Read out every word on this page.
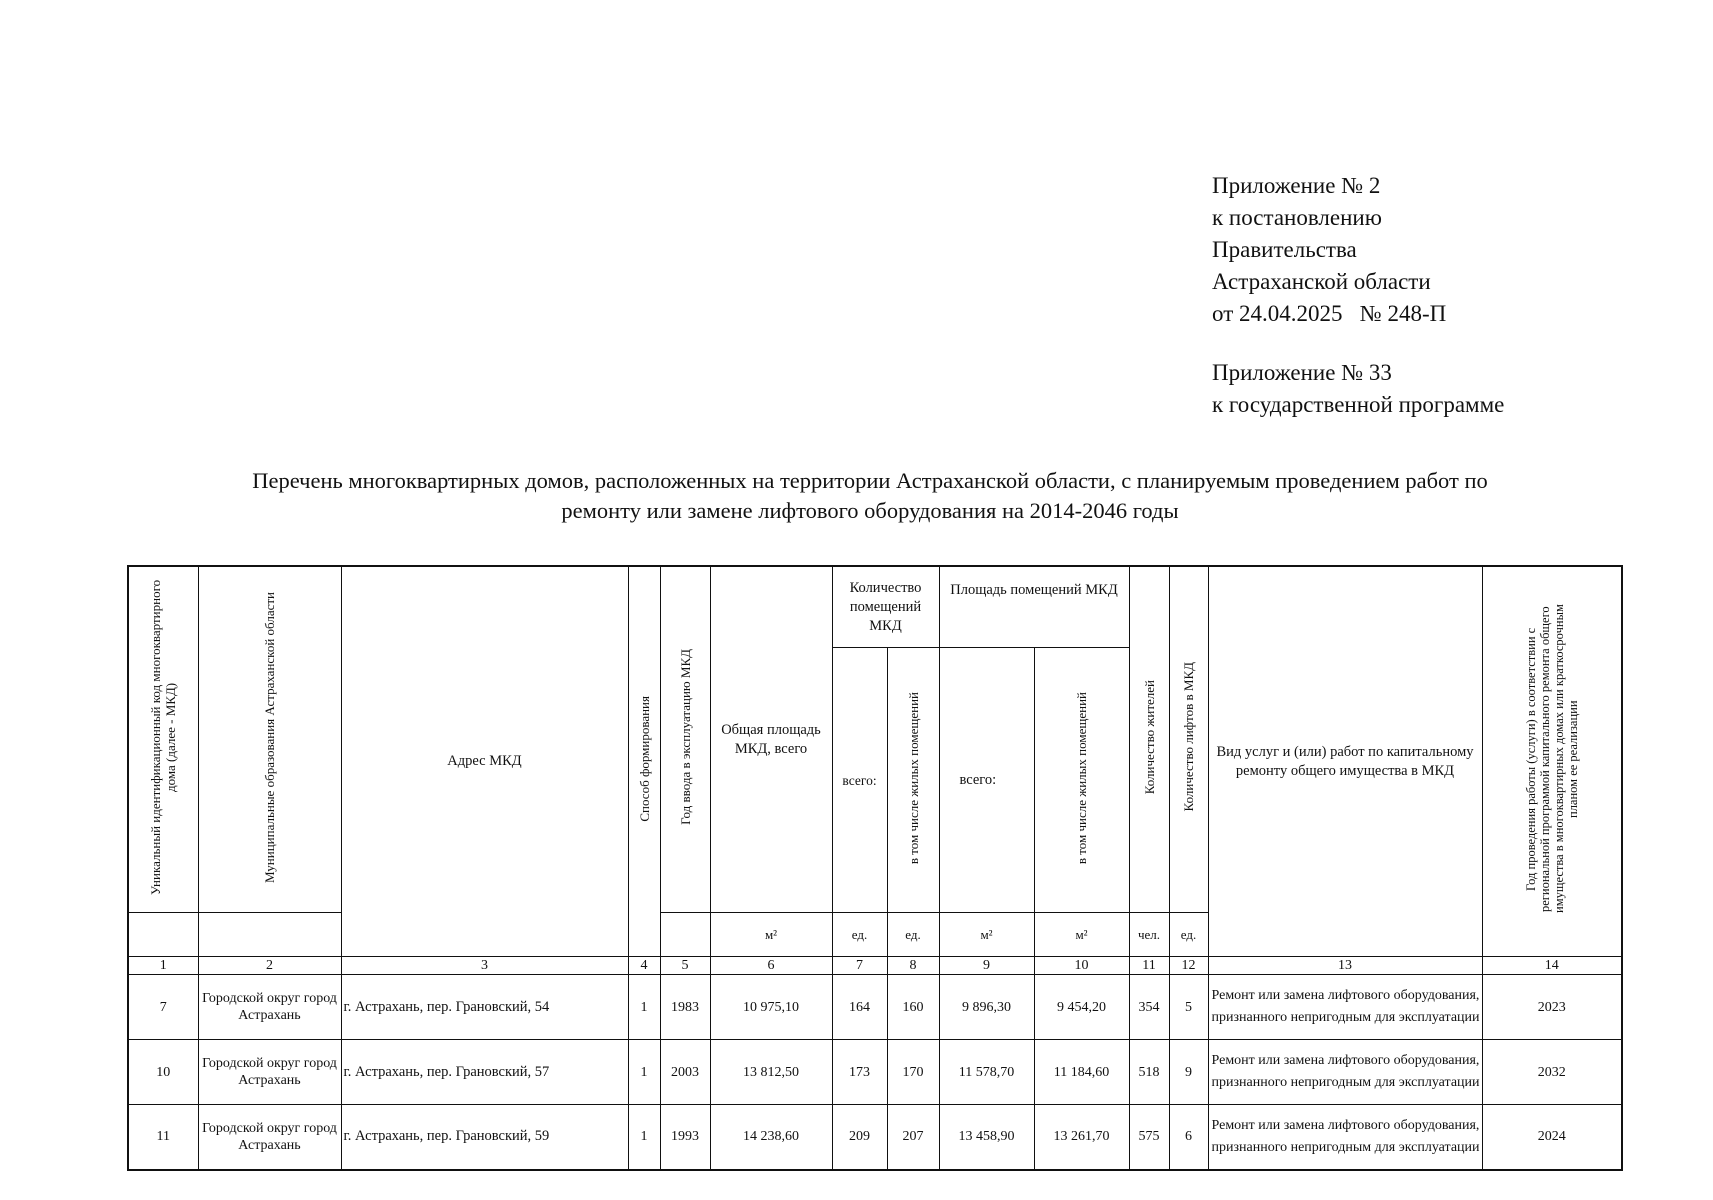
Приложение № 2
к постановлению
Правительства
Астраханской области
от 24.04.2025   № 248-П
Приложение № 33
к государственной программе
Перечень многоквартирных домов, расположенных на территории Астраханской области, с планируемым проведением работ по
ремонту или замене лифтового оборудования на 2014-2046 годы
Уникальный идентификационный код многоквартирного дома (далее - МКД)	Муниципальные образования Астраханской области	Адрес МКД	Способ формирования	Год ввода в эксплуатацию МКД	Общая площадь МКД, всего	Количество помещений МКД		Площадь помещений МКД		Количество жителей	Количество лифтов в МКД	Вид услуг и (или) работ по капитальному ремонту общего имущества в МКД	Год проведения работы (услуги) в соответствии с региональной программой капитального ремонта общего имущества в многоквартирных домах или краткосрочным планом ее реализации
						всего:	в том числе жилых помещений	всего:	в том числе жилых помещений				
					м²	ед.	ед.	м²	м²	чел.	ед.		
1	2	3	4	5	6	7	8	9	10	11	12	13	14
7	Городской округ город Астрахань	г. Астрахань, пер. Грановский, 54	1	1983	10 975,10	164	160	9 896,30	9 454,20	354	5	Ремонт или замена лифтового оборудования, признанного непригодным для эксплуатации	2023
10	Городской округ город Астрахань	г. Астрахань, пер. Грановский, 57	1	2003	13 812,50	173	170	11 578,70	11 184,60	518	9	Ремонт или замена лифтового оборудования, признанного непригодным для эксплуатации	2032
11	Городской округ город Астрахань	г. Астрахань, пер. Грановский, 59	1	1993	14 238,60	209	207	13 458,90	13 261,70	575	6	Ремонт или замена лифтового оборудования, признанного непригодным для эксплуатации	2024
